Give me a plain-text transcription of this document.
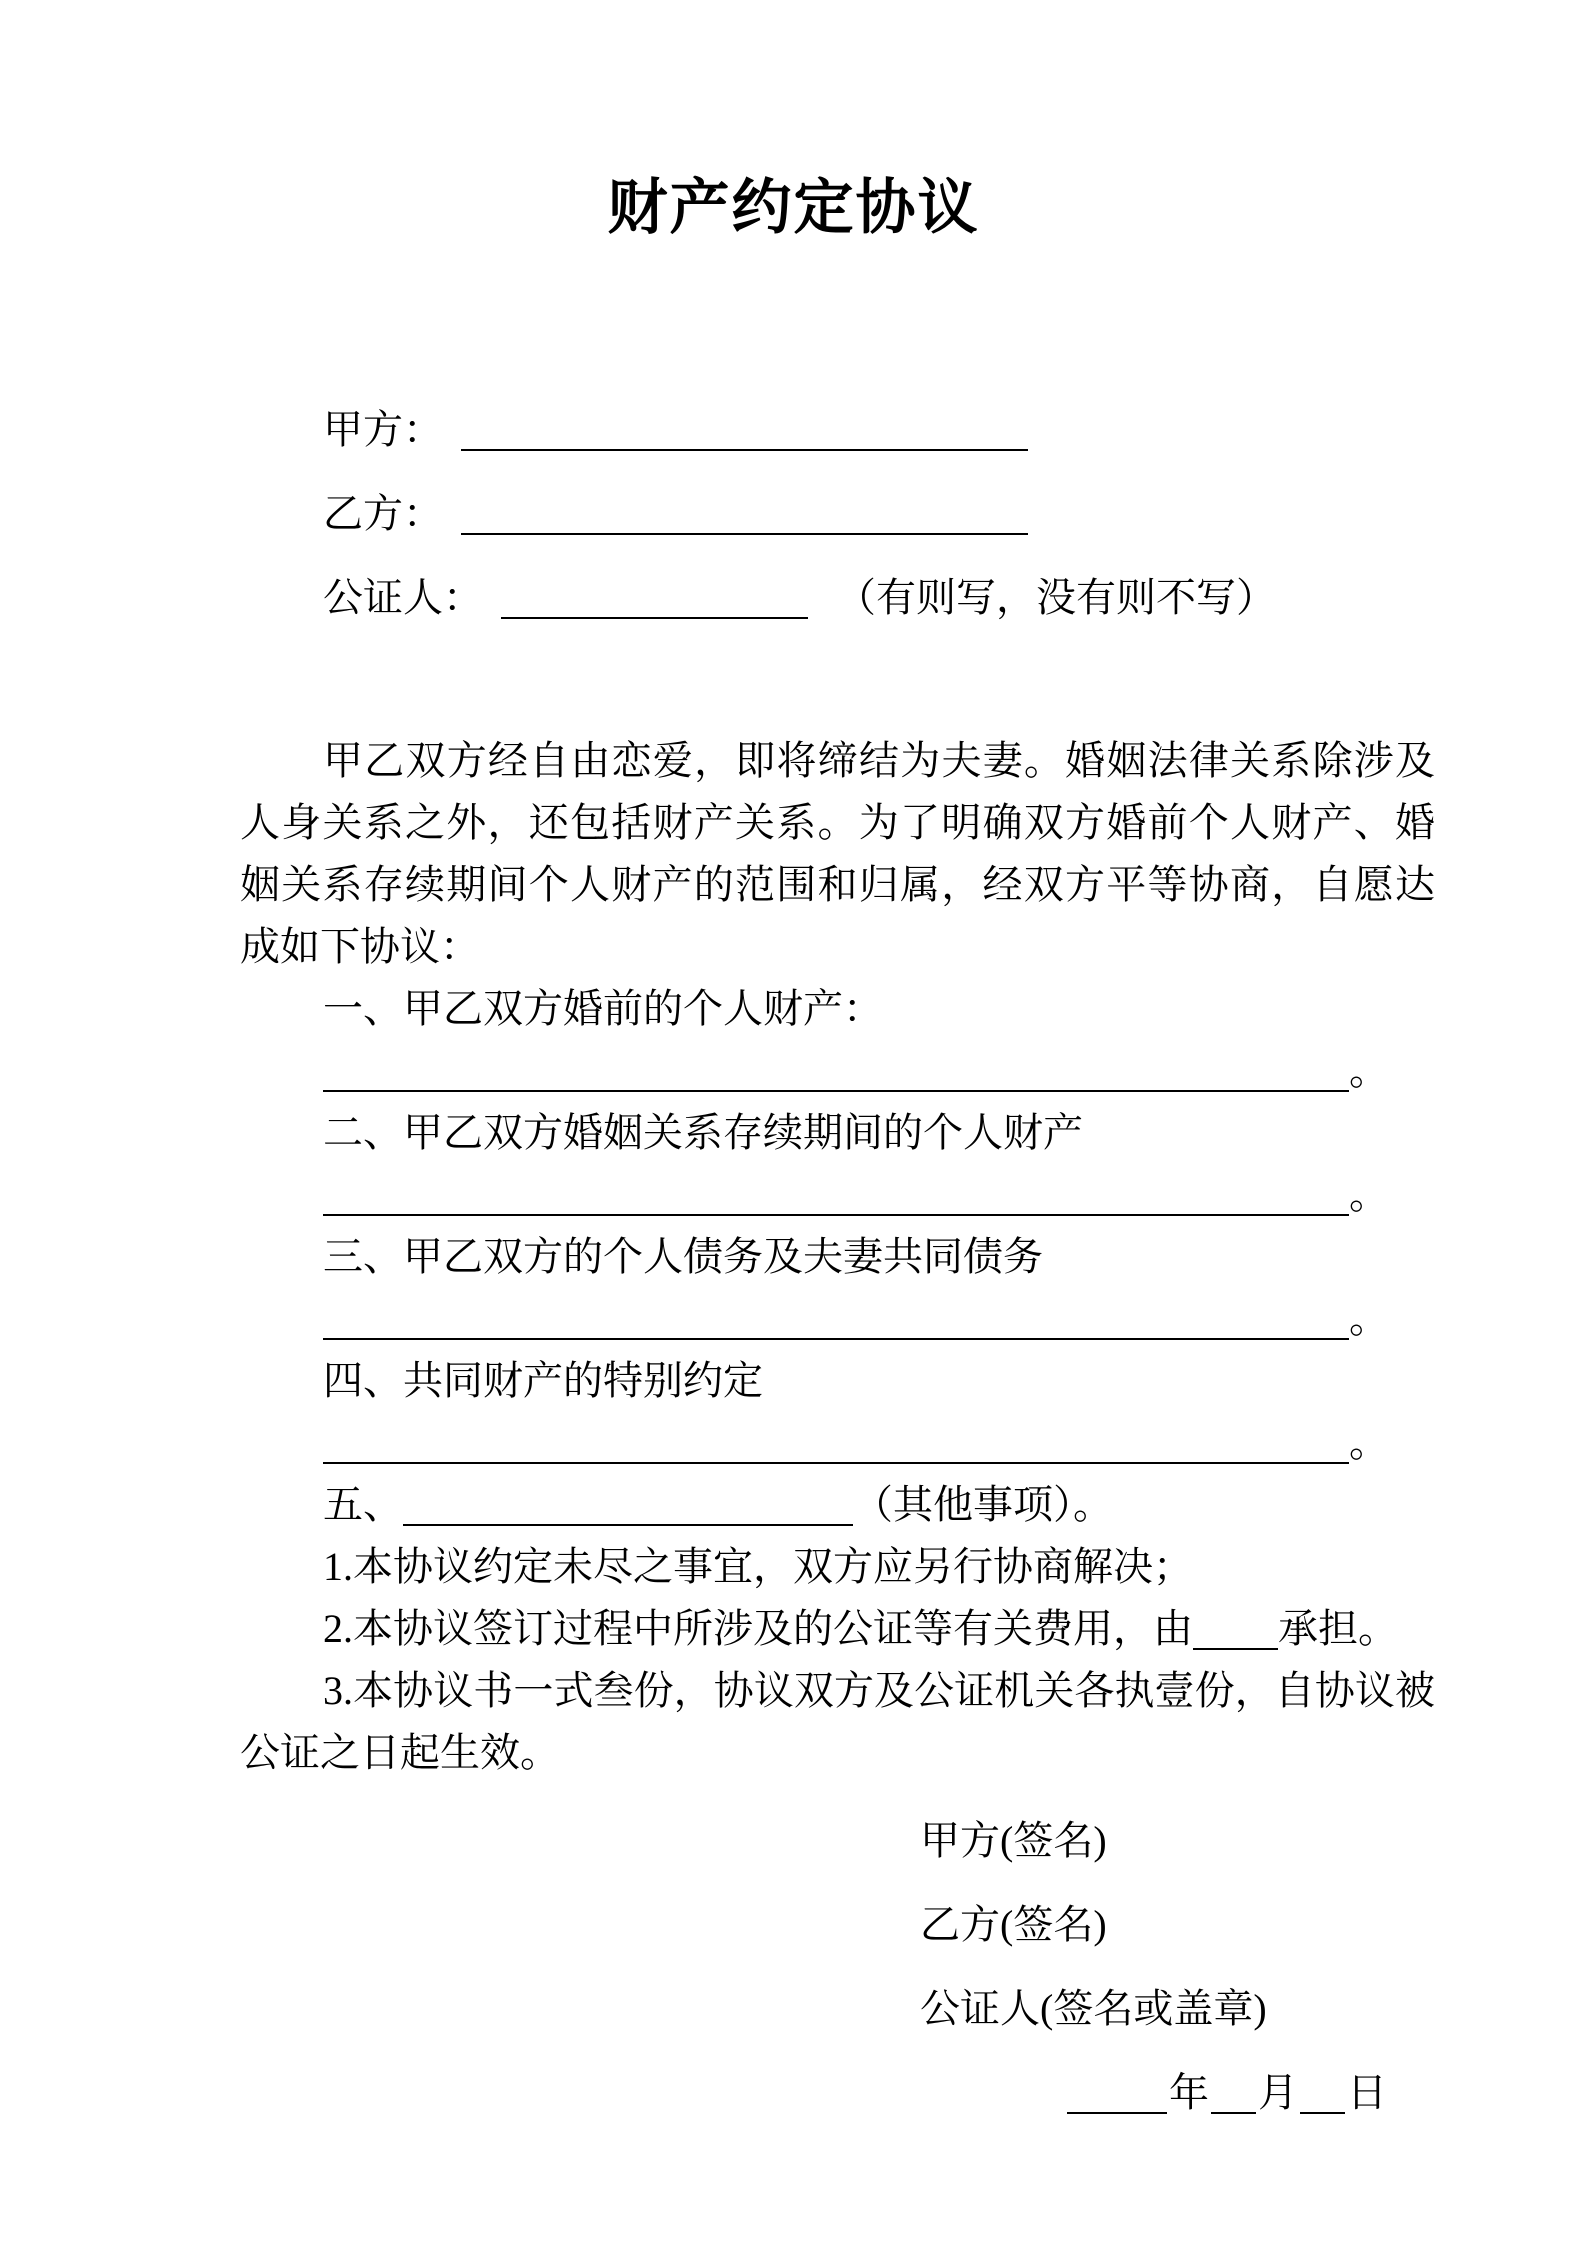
财产约定协议

甲方：

乙方：

公证人：	（有则写，没有则不写）

甲乙双方经自由恋爱，即将缔结为夫妻。婚姻法律关系除涉及人身关系之外，还包括财产关系。为了明确双方婚前个人财产、婚姻关系存续期间个人财产的范围和归属，经双方平等协商，自愿达成如下协议：

一、甲乙双方婚前的个人财产：

。

二、甲乙双方婚姻关系存续期间的个人财产

。

三、甲乙双方的个人债务及夫妻共同债务

。

四、共同财产的特别约定

。

五、	（其他事项）。

1.本协议约定未尽之事宜，双方应另行协商解决；

2.本协议签订过程中所涉及的公证等有关费用，由 承担。

3.本协议书一式叁份，协议双方及公证机关各执壹份，自协议被公证之日起生效。

甲方(签名)

乙方(签名)

公证人(签名或盖章)

年 月 日
